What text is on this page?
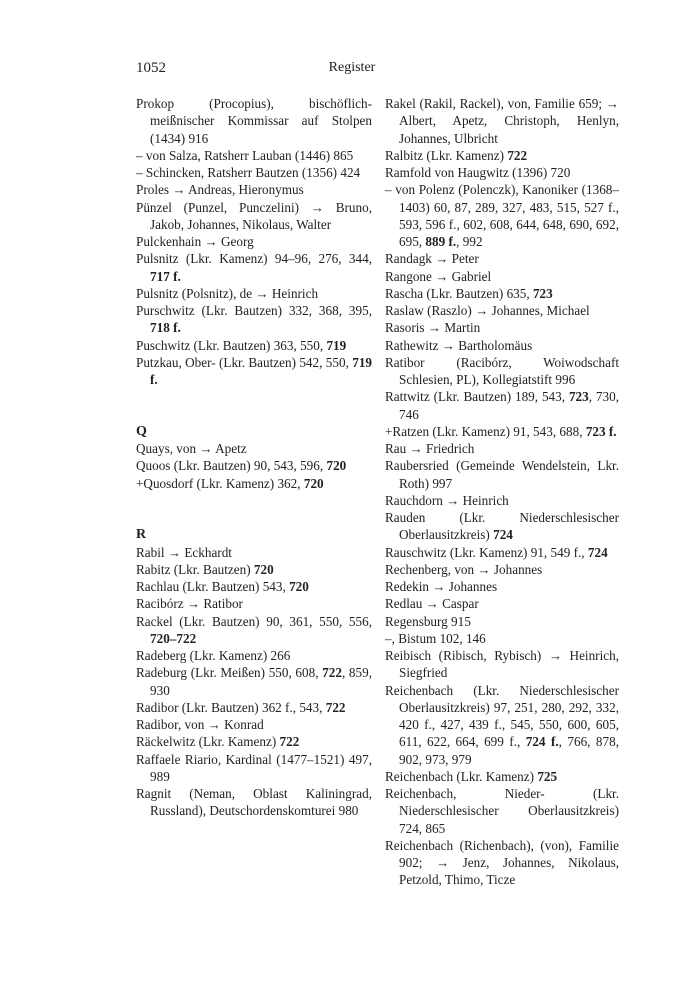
1052	Register

Prokop (Procopius), bischöflich-meißnischer Kommissar auf Stolpen (1434) 916

– von Salza, Ratsherr Lauban (1446) 865

– Schincken, Ratsherr Bautzen (1356) 424

Proles → Andreas, Hieronymus

Pünzel (Punzel, Punczelini) → Bruno, Jakob, Johannes, Nikolaus, Walter

Pulckenhain → Georg

Pulsnitz (Lkr. Kamenz) 94–96, 276, 344, 717 f.

Pulsnitz (Polsnitz), de → Heinrich

Purschwitz (Lkr. Bautzen) 332, 368, 395, 718 f.

Puschwitz (Lkr. Bautzen) 363, 550, 719

Putzkau, Ober- (Lkr. Bautzen) 542, 550, 719 f.

Q

Quays, von → Apetz

Quoos (Lkr. Bautzen) 90, 543, 596, 720

+Quosdorf (Lkr. Kamenz) 362, 720

R

Rabil → Eckhardt

Rabitz (Lkr. Bautzen) 720

Rachlau (Lkr. Bautzen) 543, 720

Racibórz → Ratibor

Rackel (Lkr. Bautzen) 90, 361, 550, 556, 720–722

Radeberg (Lkr. Kamenz) 266

Radeburg (Lkr. Meißen) 550, 608, 722, 859, 930

Radibor (Lkr. Bautzen) 362 f., 543, 722

Radibor, von → Konrad

Räckelwitz (Lkr. Kamenz) 722

Raffaele Riario, Kardinal (1477–1521) 497, 989

Ragnit (Neman, Oblast Kaliningrad, Russland), Deutschordenskomturei 980

Rakel (Rakil, Rackel), von, Familie 659; → Albert, Apetz, Christoph, Henlyn, Johannes, Ulbricht

Ralbitz (Lkr. Kamenz) 722

Ramfold von Haugwitz (1396) 720

– von Polenz (Polenczk), Kanoniker (1368–1403) 60, 87, 289, 327, 483, 515, 527 f., 593, 596 f., 602, 608, 644, 648, 690, 692, 695, 889 f., 992

Randagk → Peter

Rangone → Gabriel

Rascha (Lkr. Bautzen) 635, 723

Raslaw (Raszlo) → Johannes, Michael

Rasoris → Martin

Rathewitz → Bartholomäus

Ratibor (Racibórz, Woiwodschaft Schlesien, PL), Kollegiatstift 996

Rattwitz (Lkr. Bautzen) 189, 543, 723, 730, 746

+Ratzen (Lkr. Kamenz) 91, 543, 688, 723 f.

Rau → Friedrich

Raubersried (Gemeinde Wendelstein, Lkr. Roth) 997

Rauchdorn → Heinrich

Rauden (Lkr. Niederschlesischer Oberlausitzkreis) 724

Rauschwitz (Lkr. Kamenz) 91, 549 f., 724

Rechenberg, von → Johannes

Redekin → Johannes

Redlau → Caspar

Regensburg 915

–, Bistum 102, 146

Reibisch (Ribisch, Rybisch) → Heinrich, Siegfried

Reichenbach (Lkr. Niederschlesischer Oberlausitzkreis) 97, 251, 280, 292, 332, 420 f., 427, 439 f., 545, 550, 600, 605, 611, 622, 664, 699 f., 724 f., 766, 878, 902, 973, 979

Reichenbach (Lkr. Kamenz) 725

Reichenbach, Nieder- (Lkr. Niederschlesischer Oberlausitzkreis) 724, 865

Reichenbach (Richenbach), (von), Familie 902; → Jenz, Johannes, Nikolaus, Petzold, Thimo, Ticze
